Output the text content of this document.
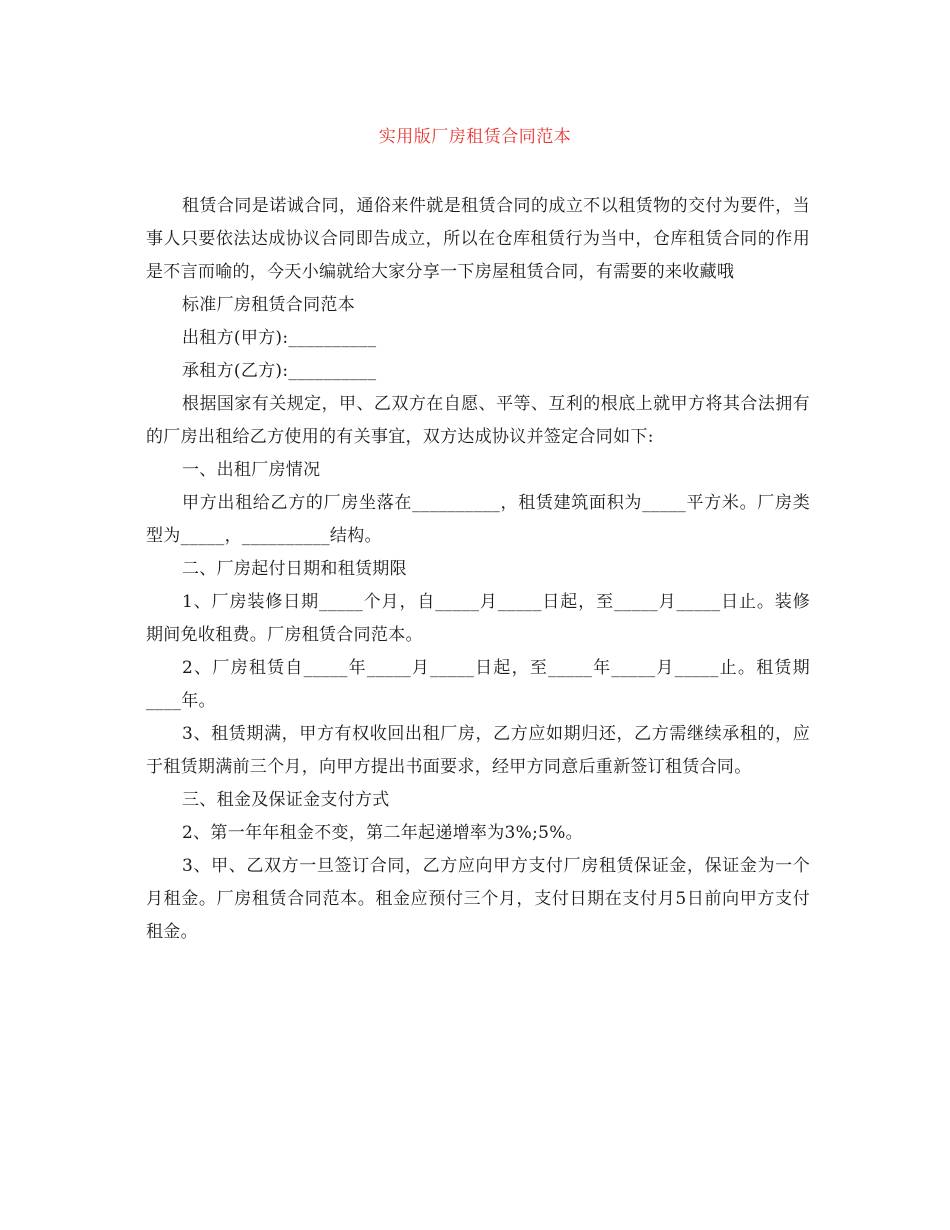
实用版厂房租赁合同范本

租赁合同是诺诚合同，通俗来件就是租赁合同的成立不以租赁物的交付为要件，当事人只要依法达成协议合同即告成立，所以在仓库租赁行为当中，仓库租赁合同的作用是不言而喻的，今天小编就给大家分享一下房屋租赁合同，有需要的来收藏哦

标准厂房租赁合同范本

出租方(甲方):__________

承租方(乙方):__________

根据国家有关规定，甲、乙双方在自愿、平等、互利的根底上就甲方将其合法拥有的厂房出租给乙方使用的有关事宜，双方达成协议并签定合同如下:

一、出租厂房情况

甲方出租给乙方的厂房坐落在__________，租赁建筑面积为_____平方米。厂房类型为_____，__________结构。

二、厂房起付日期和租赁期限

1、厂房装修日期_____个月，自_____月_____日起，至_____月_____日止。装修期间免收租费。厂房租赁合同范本。

2、厂房租赁自_____年_____月_____日起，至_____年_____月_____止。租赁期____年。

3、租赁期满，甲方有权收回出租厂房，乙方应如期归还，乙方需继续承租的，应于租赁期满前三个月，向甲方提出书面要求，经甲方同意后重新签订租赁合同。

三、租金及保证金支付方式

2、第一年年租金不变，第二年起递增率为3%;5%。

3、甲、乙双方一旦签订合同，乙方应向甲方支付厂房租赁保证金，保证金为一个月租金。厂房租赁合同范本。租金应预付三个月，支付日期在支付月5日前向甲方支付租金。
